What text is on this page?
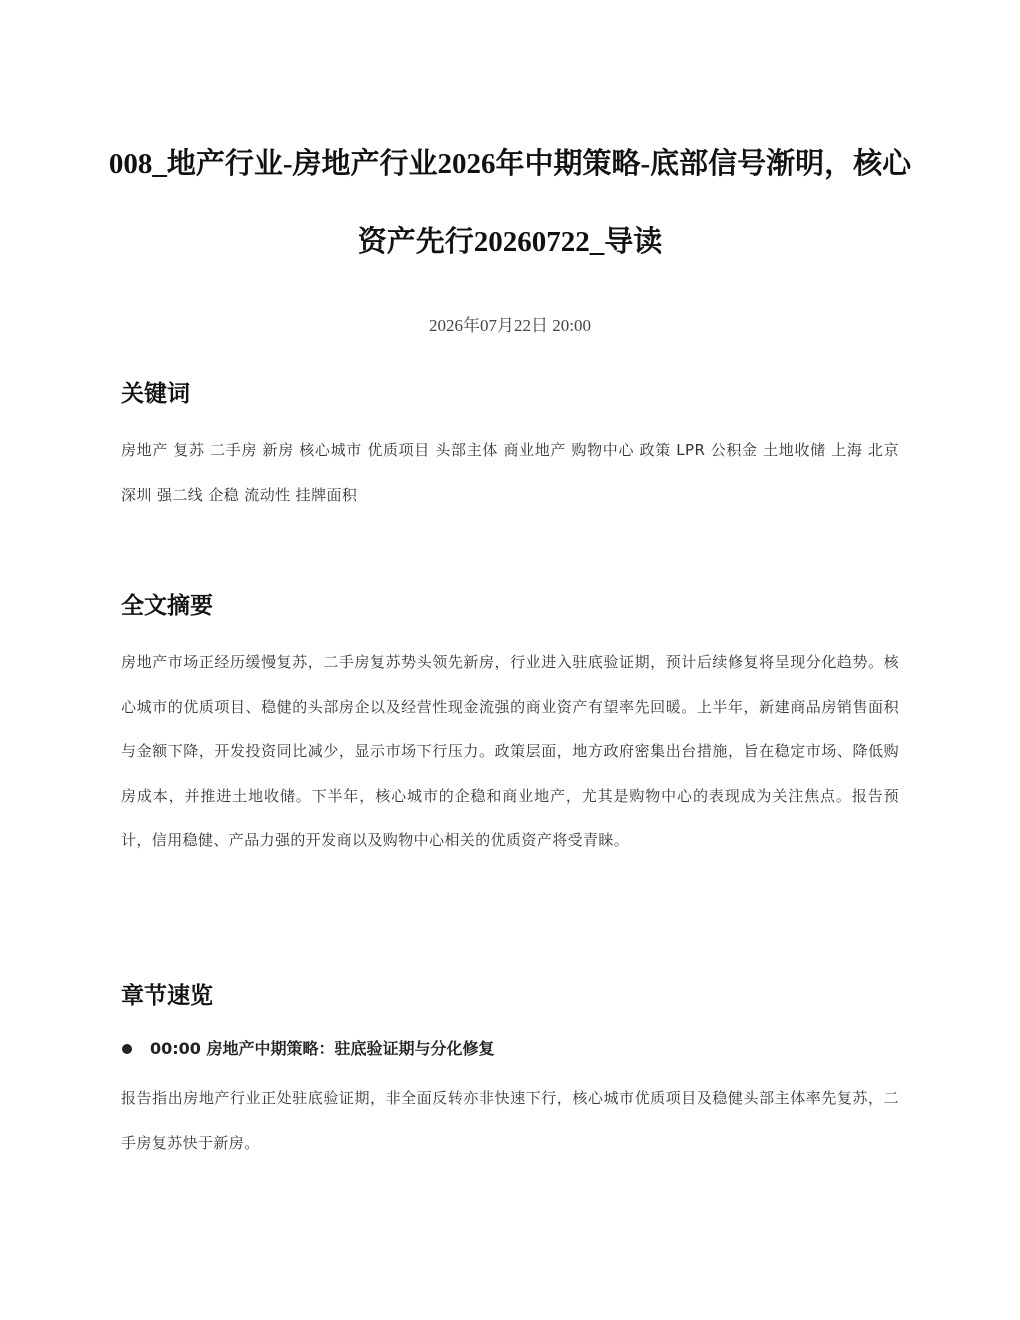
008_地产行业-房地产行业2026年中期策略-底部信号渐明，核心资产先行20260722_导读

2026年07月22日 20:00

关键词

房地产 复苏 二手房 新房 核心城市 优质项目 头部主体 商业地产 购物中心 政策 LPR 公积金 土地收储 上海 北京 深圳 强二线 企稳 流动性 挂牌面积

全文摘要

房地产市场正经历缓慢复苏，二手房复苏势头领先新房，行业进入驻底验证期，预计后续修复将呈现分化趋势。核心城市的优质项目、稳健的头部房企以及经营性现金流强的商业资产有望率先回暖。上半年，新建商品房销售面积与金额下降，开发投资同比减少，显示市场下行压力。政策层面，地方政府密集出台措施，旨在稳定市场、降低购房成本，并推进土地收储。下半年，核心城市的企稳和商业地产，尤其是购物中心的表现成为关注焦点。报告预计，信用稳健、产品力强的开发商以及购物中心相关的优质资产将受青睐。

章节速览
00:00 房地产中期策略：驻底验证期与分化修复

报告指出房地产行业正处驻底验证期，非全面反转亦非快速下行，核心城市优质项目及稳健头部主体率先复苏，二手房复苏快于新房。
